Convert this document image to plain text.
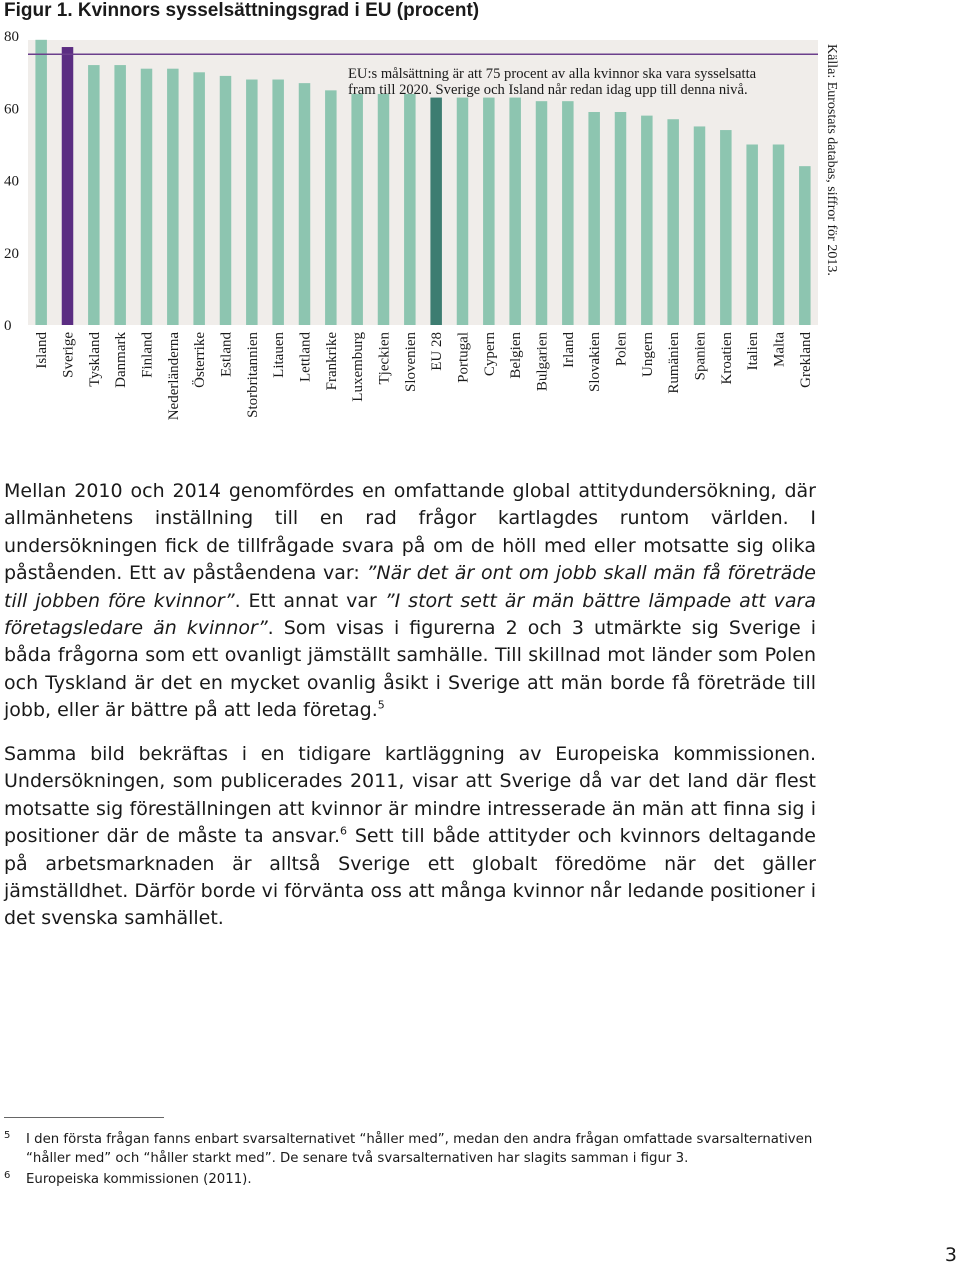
Figur 1. Kvinnors sysselsättningsgrad i EU (procent)
0
20
40
60
80
Island Sverige Tyskland Danmark Finland Nederländerna Österrike Estland Storbritannien Litauen Lettland Frankrike Luxemburg Tjeckien Slovenien EU 28 Portugal Cypern Belgien Bulgarien Irland Slovakien Polen Ungern Rumänien Spanien Kroatien Italien Malta Grekland
EU:s målsättning är att 75 procent av alla kvinnor ska vara sysselsatta
fram till 2020. Sverige och Island når redan idag upp till denna nivå.	Källa: Eurostats databas, siffror för 2013.

Mellan 2010 och 2014 genomfördes en omfattande global attitydundersökning, där allmänhetens inställning till en rad frågor kartlagdes runtom världen. I undersökningen fick de tillfrågade svara på om de höll med eller motsatte sig olika påståenden. Ett av påståendena var: ”När det är ont om jobb skall män få företräde till jobben före kvinnor”. Ett annat var ”I stort sett är män bättre lämpade att vara företagsledare än kvinnor”. Som visas i figurerna 2 och 3 utmärkte sig Sverige i båda frågorna som ett ovanligt jämställt samhälle. Till skillnad mot länder som Polen och Tyskland är det en mycket ovanlig åsikt i Sverige att män borde få företräde till jobb, eller är bättre på att leda företag.$^5$

Samma bild bekräftas i en tidigare kartläggning av Europeiska kommissionen. Undersökningen, som publicerades 2011, visar att Sverige då var det land där flest motsatte sig föreställningen att kvinnor är mindre intresserade än män att finna sig i positioner där de måste ta ansvar.$^6$ Sett till både attityder och kvinnors deltagande på arbetsmarknaden är alltså Sverige ett globalt föredöme när det gäller jämställdhet. Därför borde vi förvänta oss att många kvinnor når ledande positioner i det svenska samhället.

5 I den första frågan fanns enbart svarsalternativet “håller med”, medan den andra frågan omfattade svarsalternativen “håller med” och “håller starkt med”. De senare två svarsalternativen har slagits samman i figur 3.
6 Europeiska kommissionen (2011).
3
